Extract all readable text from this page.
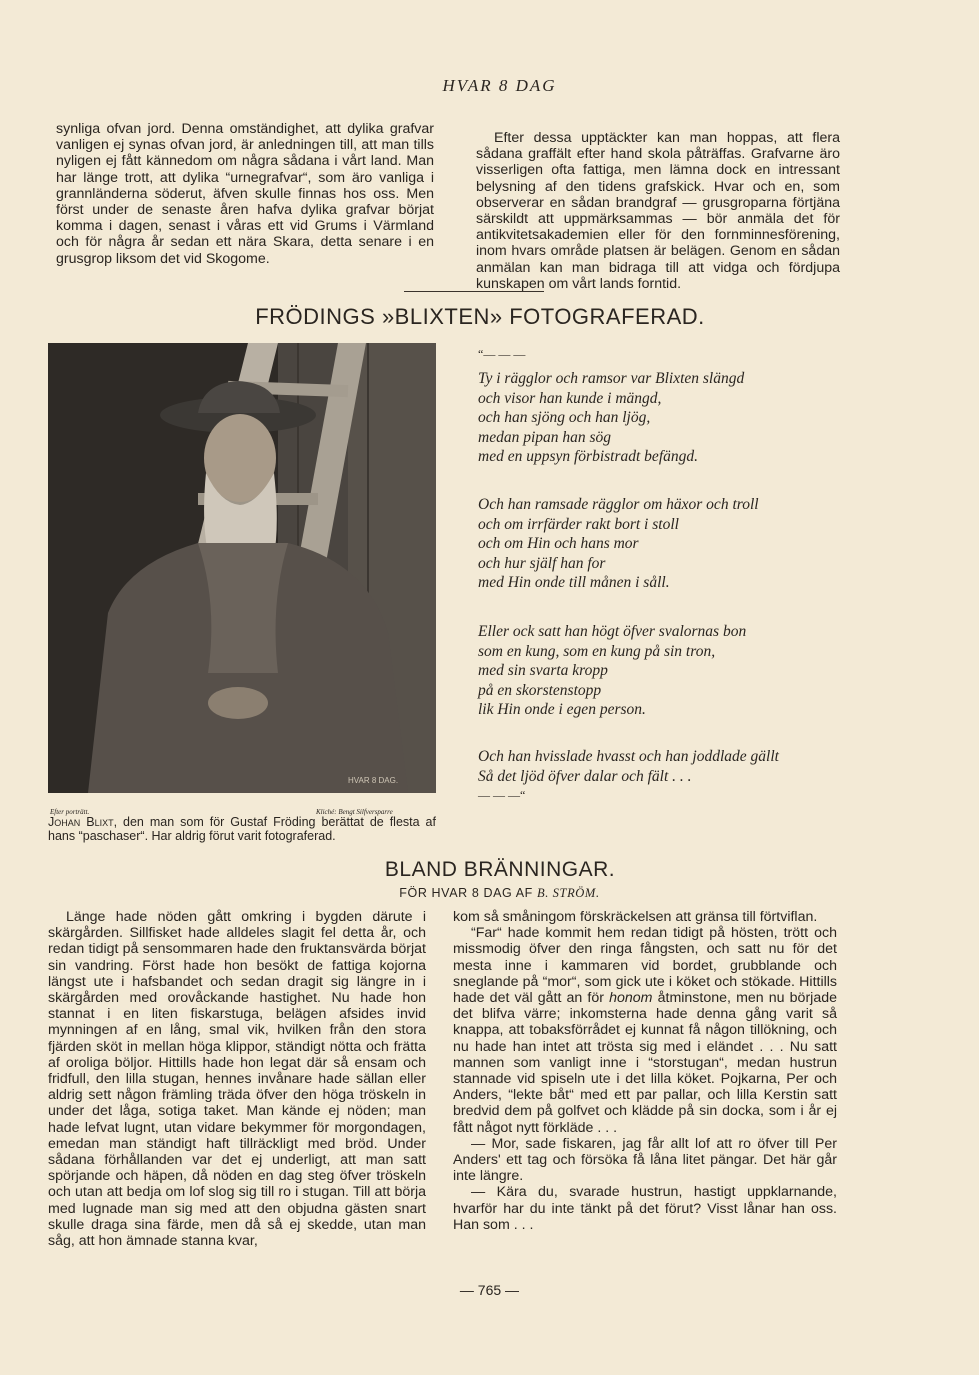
HVAR 8 DAG

synliga ofvan jord. Denna omständighet, att dylika grafvar vanligen ej synas ofvan jord, är anledningen till, att man tills nyligen ej fått kännedom om några sådana i vårt land. Man har länge trott, att dylika “urnegrafvar“, som äro vanliga i grannländerna söderut, äfven skulle finnas hos oss. Men först under de senaste åren hafva dylika grafvar börjat komma i dagen, senast i våras ett vid Grums i Värmland och för några år sedan ett nära Skara, detta senare i en grusgrop liksom det vid Skogome.

Efter dessa upptäckter kan man hoppas, att flera sådana graffält efter hand skola påträffas. Grafvarne äro visserligen ofta fattiga, men lämna dock en intressant belysning af den tidens grafskick. Hvar och en, som observerar en sådan brandgraf — grusgroparna förtjäna särskildt att uppmärksammas — bör anmäla det för antikvitetsakademien eller för den fornminnesförening, inom hvars område platsen är belägen. Genom en sådan anmälan kan man bidraga till att vidga och fördjupa kunskapen om vårt lands forntid.

FRÖDINGS »BLIXTEN» FOTOGRAFERAD.
HVAR 8 DAG.
Efter porträtt.	Kliché: Bengt Silfversparre
Johan Blixt, den man som för Gustaf Fröding berättat de flesta af hans “paschaser“. Har aldrig förut varit fotograferad.
“— — —
Ty i rägglor och ramsor var Blixten slängd
och visor han kunde i mängd,
och han sjöng och han ljög,
medan pipan han sög
med en uppsyn förbistradt befängd.
Och han ramsade rägglor om häxor och troll
och om irrfärder rakt bort i stoll
och om Hin och hans mor
och hur själf han for
med Hin onde till månen i såll.
Eller ock satt han högt öfver svalornas bon
som en kung, som en kung på sin tron,
med sin svarta kropp
på en skorstenstopp
lik Hin onde i egen person.
Och han hvisslade hvasst och han joddlade gällt
Så det ljöd öfver dalar och fält . . .
— — —“
BLAND BRÄNNINGAR.
FÖR HVAR 8 DAG AF B. STRÖM.

Länge hade nöden gått omkring i bygden därute i skärgården. Sillfisket hade alldeles slagit fel detta år, och redan tidigt på sensommaren hade den fruktansvärda börjat sin vandring. Först hade hon besökt de fattiga kojorna längst ute i hafsbandet och sedan dragit sig längre in i skärgården med orovåckande hastighet. Nu hade hon stannat i en liten fiskarstuga, belägen afsides invid mynningen af en lång, smal vik, hvilken från den stora fjärden sköt in mellan höga klippor, ständigt nötta och frätta af oroliga böljor. Hittills hade hon legat där så ensam och fridfull, den lilla stugan, hennes invånare hade sällan eller aldrig sett någon främling träda öfver den höga tröskeln in under det låga, sotiga taket. Man kände ej nöden; man hade lefvat lugnt, utan vidare bekymmer för morgondagen, emedan man ständigt haft tillräckligt med bröd. Under sådana förhållanden var det ej underligt, att man satt spörjande och häpen, då nöden en dag steg öfver tröskeln och utan att bedja om lof slog sig till ro i stugan. Till att börja med lugnade man sig med att den objudna gästen snart skulle draga sina färde, men då så ej skedde, utan man såg, att hon ämnade stanna kvar,

kom så småningom förskräckelsen att gränsa till förtviflan.

“Far“ hade kommit hem redan tidigt på hösten, trött och missmodig öfver den ringa fångsten, och satt nu för det mesta inne i kammaren vid bordet, grubblande och sneglande på “mor“, som gick ute i köket och stökade. Hittills hade det väl gått an för honom åtminstone, men nu började det blifva värre; inkomsterna hade denna gång varit så knappa, att tobaksförrådet ej kunnat få någon tillökning, och nu hade han intet att trösta sig med i eländet . . . Nu satt mannen som vanligt inne i “storstugan“, medan hustrun stannade vid spiseln ute i det lilla köket. Pojkarna, Per och Anders, “lekte båt“ med ett par pallar, och lilla Kerstin satt bredvid dem på golfvet och klädde på sin docka, som i år ej fått något nytt förkläde . . .

— Mor, sade fiskaren, jag får allt lof att ro öfver till Per Anders' ett tag och försöka få låna litet pängar. Det här går inte längre.

— Kära du, svarade hustrun, hastigt uppklarnande, hvarför har du inte tänkt på det förut? Visst lånar han oss. Han som . . .

— 765 —
